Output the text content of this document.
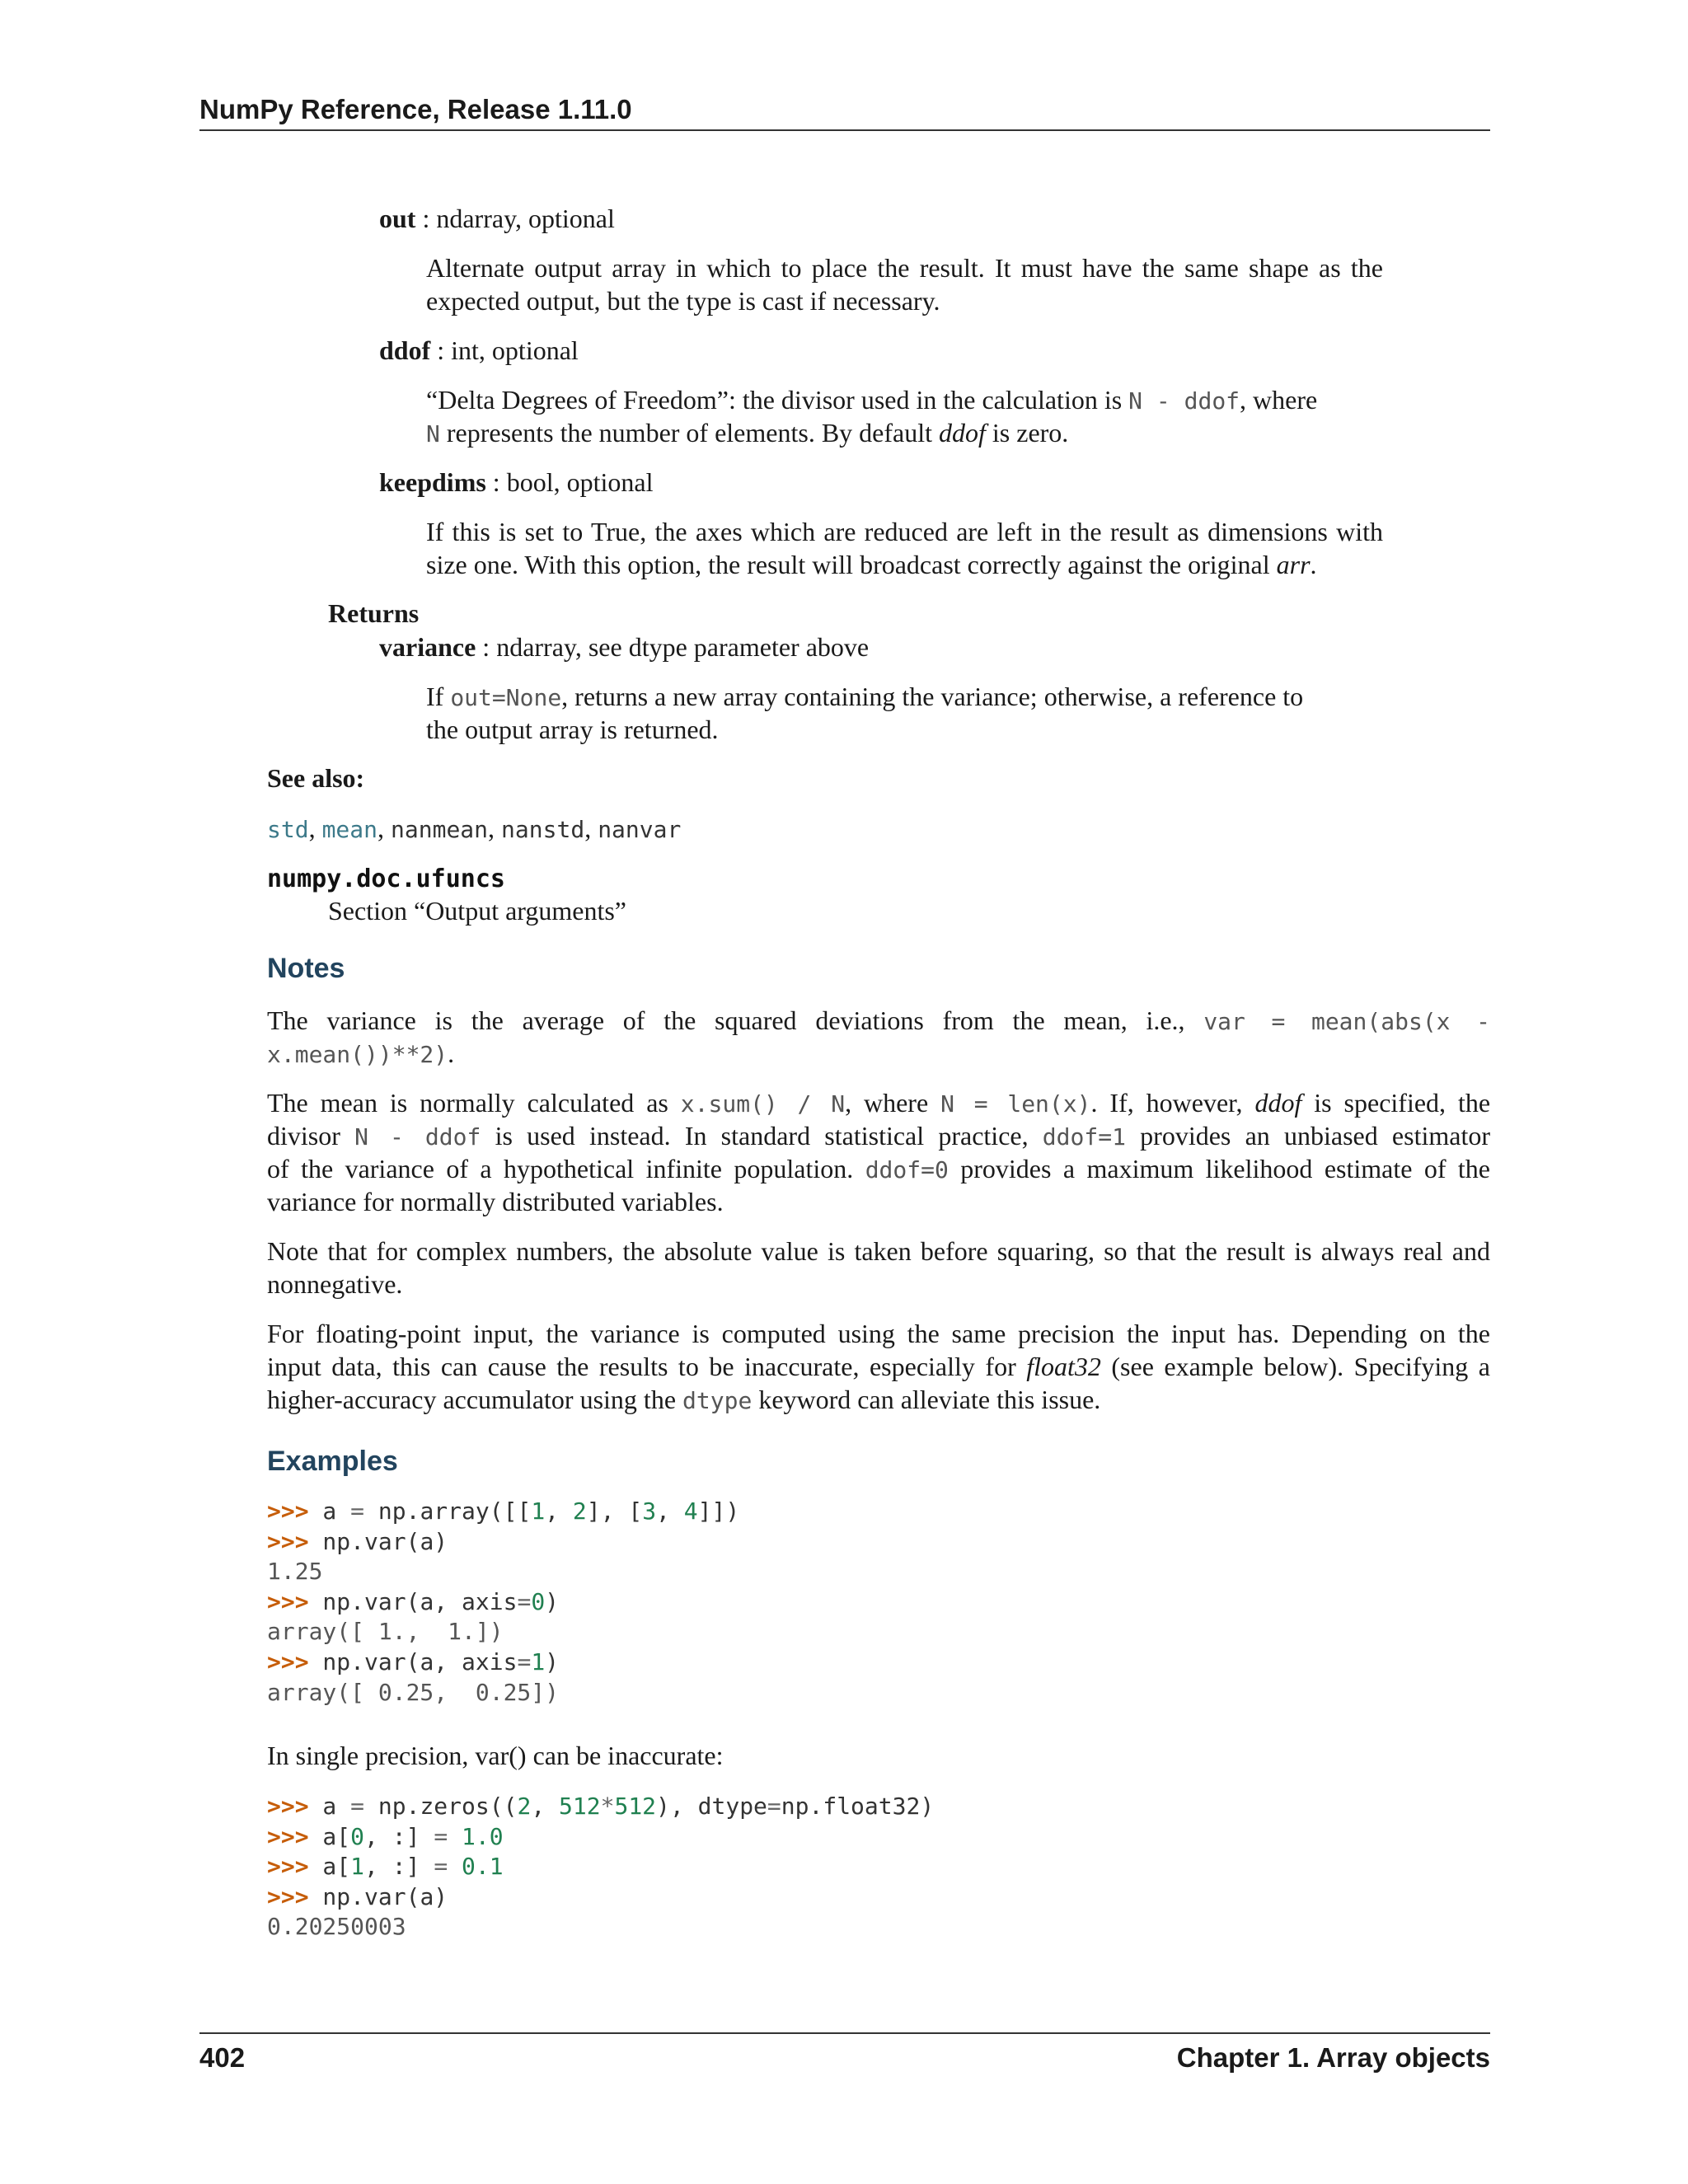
NumPy Reference, Release 1.11.0
out : ndarray, optional
Alternate output array in which to place the result. It must have the same shape as the
expected output, but the type is cast if necessary.
ddof : int, optional
“Delta Degrees of Freedom”: the divisor used in the calculation is N - ddof, where
N represents the number of elements. By default ddof is zero.
keepdims : bool, optional
If this is set to True, the axes which are reduced are left in the result as dimensions with
size one. With this option, the result will broadcast correctly against the original arr.
Returns
variance : ndarray, see dtype parameter above
If out=None, returns a new array containing the variance; otherwise, a reference to
the output array is returned.
See also:
std, mean, nanmean, nanstd, nanvar
numpy.doc.ufuncs
Section “Output arguments”
Notes
The variance is the average of the squared deviations from the mean, i.e., var = mean(abs(x -
x.mean())**2).
The mean is normally calculated as x.sum() / N, where N = len(x). If, however, ddof is specified, the
divisor N - ddof is used instead. In standard statistical practice, ddof=1 provides an unbiased estimator
of the variance of a hypothetical infinite population. ddof=0 provides a maximum likelihood estimate of the
variance for normally distributed variables.
Note that for complex numbers, the absolute value is taken before squaring, so that the result is always real and
nonnegative.
For floating-point input, the variance is computed using the same precision the input has. Depending on the
input data, this can cause the results to be inaccurate, especially for float32 (see example below). Specifying a
higher-accuracy accumulator using the dtype keyword can alleviate this issue.
Examples
>>> a = np.array([[1, 2], [3, 4]])
>>> np.var(a)
1.25
>>> np.var(a, axis=0)
array([ 1.,  1.])
>>> np.var(a, axis=1)
array([ 0.25,  0.25])
In single precision, var() can be inaccurate:
>>> a = np.zeros((2, 512*512), dtype=np.float32)
>>> a[0, :] = 1.0
>>> a[1, :] = 0.1
>>> np.var(a)
0.20250003
402	Chapter 1. Array objects
